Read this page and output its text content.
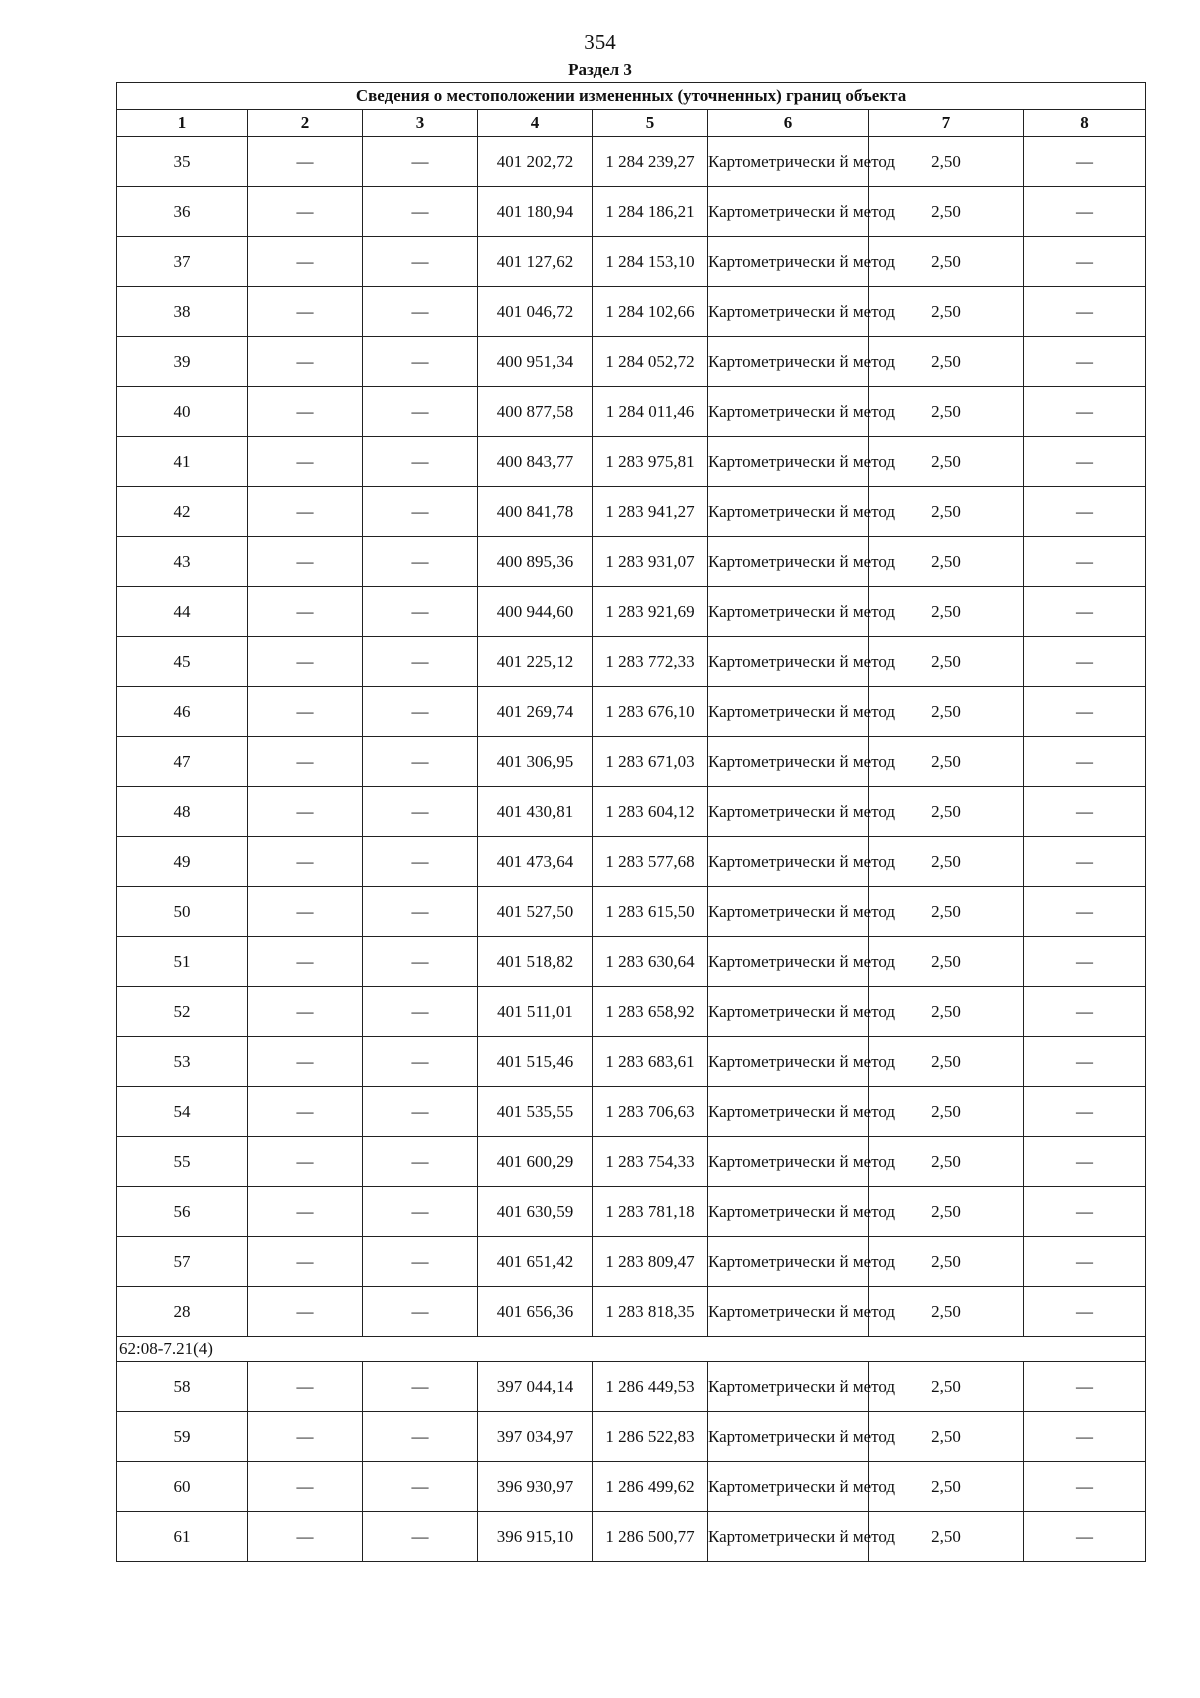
354
Раздел 3
Сведения о местоположении измененных (уточненных) границ объекта							
1	2	3	4	5	6	7	8
35	—	—	401 202,72	1 284 239,27	Картометрически й метод	2,50	—
36	—	—	401 180,94	1 284 186,21	Картометрически й метод	2,50	—
37	—	—	401 127,62	1 284 153,10	Картометрически й метод	2,50	—
38	—	—	401 046,72	1 284 102,66	Картометрически й метод	2,50	—
39	—	—	400 951,34	1 284 052,72	Картометрически й метод	2,50	—
40	—	—	400 877,58	1 284 011,46	Картометрически й метод	2,50	—
41	—	—	400 843,77	1 283 975,81	Картометрически й метод	2,50	—
42	—	—	400 841,78	1 283 941,27	Картометрически й метод	2,50	—
43	—	—	400 895,36	1 283 931,07	Картометрически й метод	2,50	—
44	—	—	400 944,60	1 283 921,69	Картометрически й метод	2,50	—
45	—	—	401 225,12	1 283 772,33	Картометрически й метод	2,50	—
46	—	—	401 269,74	1 283 676,10	Картометрически й метод	2,50	—
47	—	—	401 306,95	1 283 671,03	Картометрически й метод	2,50	—
48	—	—	401 430,81	1 283 604,12	Картометрически й метод	2,50	—
49	—	—	401 473,64	1 283 577,68	Картометрически й метод	2,50	—
50	—	—	401 527,50	1 283 615,50	Картометрически й метод	2,50	—
51	—	—	401 518,82	1 283 630,64	Картометрически й метод	2,50	—
52	—	—	401 511,01	1 283 658,92	Картометрически й метод	2,50	—
53	—	—	401 515,46	1 283 683,61	Картометрически й метод	2,50	—
54	—	—	401 535,55	1 283 706,63	Картометрически й метод	2,50	—
55	—	—	401 600,29	1 283 754,33	Картометрически й метод	2,50	—
56	—	—	401 630,59	1 283 781,18	Картометрически й метод	2,50	—
57	—	—	401 651,42	1 283 809,47	Картометрически й метод	2,50	—
28	—	—	401 656,36	1 283 818,35	Картометрически й метод	2,50	—
62:08-7.21(4)							
58	—	—	397 044,14	1 286 449,53	Картометрически й метод	2,50	—
59	—	—	397 034,97	1 286 522,83	Картометрически й метод	2,50	—
60	—	—	396 930,97	1 286 499,62	Картометрически й метод	2,50	—
61	—	—	396 915,10	1 286 500,77	Картометрически й метод	2,50	—
